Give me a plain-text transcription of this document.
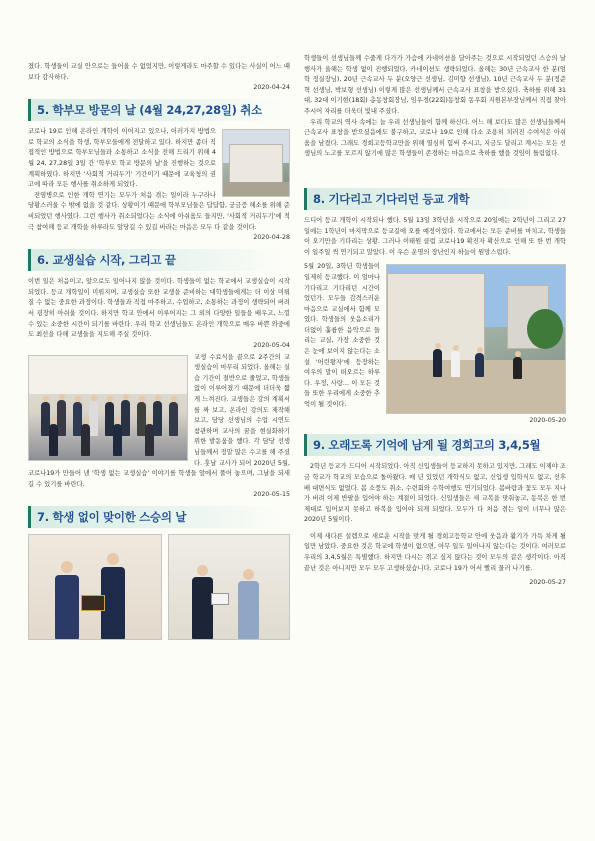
졌다. 학생들이 교실 안으로는 들어올 수 없었지만, 이렇게라도 마주할 수 있다는 사실이 어느 때 보다 감사하다.

2020-04-24

5. 학부모 방문의 날 (4월 24,27,28일) 취소

코로나 19로 인해 온라인 개학이 이어지고 있으나, 이러가지 방법으로 학교의 소식을 학생, 학부모들에게 전달하고 있다. 하지만 좀더 직접적인 방법으로 학부모님들과 소통하고 소식을 전해 드리기 위해 4월 24, 27,28일 3일 간 '학부모 학교 방문의 날'을 진행하는 것으로 계획하였다. 하지만 '사회적 거리두기' 기간이기 때문에 교육청의 권고에 따라 모든 행사를 취소하게 되었다.

전염병으로 인한 개학 연기는 모두가 처음 겪는 일이라 누구라나 당황스러울 수 밖에 없을 것 같다. 상황이기 때문에 학부모님들은 답답함, 궁금증 해소를 위해 준비되었던 행사였다. 그런 행사가 취소되었다는 소식에 아쉬움도 들지만, '사회적 거리두기'에 적극 참여해 등교 개학을 하루라도 앞당길 수 있길 바라는 마음은 모두 다 같을 것이다.

2020-04-28

6. 교생실습 시작, 그리고 끝

이번 일은 처음이고, 앞으로도 일어나지 않을 것이다. 학생들이 없는 학교에서 교생실습이 시작되었다. 등교 개학일이 미뤄지며, 교생실습 또한 교생을 준비하는 대학생들에게는 더 이상 미뤄질 수 없는 중요한 과정이다. 학생들과 직접 마주하고, 수업하고, 소통하는 과정이 생략되어 버려서 굉장히 아쉬울 것이다. 하지만 학교 안에서 이루어지는 그 외의 다양한 일들을 배우고, 느낄 수 있는 소중한 시간이 되기를 바란다. 우리 학교 선생님들도 온라인 개학으로 매우 바쁜 와중에도 최선을 다해 교생들을 지도해 주실 것이다.

2020-05-04

교생 수료식을 끝으로 2주간의 교생실습이 마무리 되었다. 올해는 실습 기간이 절반으로 줄었고, 학생들 없이 이루어졌기 때문에 더더욱 짧게 느껴진다. 교생들은 강의 계획서를 짜 보고, 온라인 강의도 제작해 보고, 담당 선생님의 수업 시연도 참관하며 교사의 꿈을 현실화하기 위한 발돋움을 했다. 각 담당 선생님들께서 정말 많은 수고를 해 주셨다. 훗날 교사가 되어 2020년 5월, 코로나19가 만들어 낸 '학생 없는 교생실습' 이야기를 학생들 앞에서 풀어 놓으며, 그날을 되새길 수 있기를 바란다.

2020-05-15

7. 학생 없이 맞이한 스승의 날

학생들이 선생님들께 수줍게 다가가 가슴에 카네이션을 달아주는 것으로 시작되었던 스승의 날 행사가 올해는 학생 없이 진행되었다. 카네이션도 생략되었다. 올해는 30년 근속교사 한 분(엄 학 정실장님), 20년 근속교사 두 분(오양근 선생님, 김미향 선생님), 10년 근속교사 두 분(정준혁 선생님, 박보형 선생님) 이렇게 많은 선생님께서 근속교사 표창을 받으셨다. 축하를 위해 31대, 32대 이기현(18회) 총동창회장님, 임우경(22회)동창회 동우회 지원본부장님께서 직접 찾아주시어 자리를 더욱더 빛내 주셨다.

우리 학교의 역사 속에는 늘 우리 선생님들이 함께 하신다. 어느 해 보다도 많은 선생님들께서 근속교사 표창을 받으셨음에도 불구하고, 코로나 19로 인해 다소 조용히 치러진 수여식은 아쉬움을 남겼다. 그래도 경희고등학교만을 위해 열심히 힘써 주시고, 지금도 달리고 계시는 모든 선생님의 노고를 모르지 않기에 많은 학생들이 존경하는 마음으로 축하를 했을 것임이 틀림없다.

8. 기다리고 기다리던 등교 개학

드디어 등교 개학이 시작되나 했다. 5월 13일 3학년을 시작으로 20일에는 2학년이 그리고 27일에는 1학년이 마지막으로 등교길에 오를 예정이었다. 학교에서는 모든 준비를 마치고, 학생들이 오기만을 기다리는 상황. 그러나 이태원 클럽 코로나19 확진자 확산으로 인해 또 한 번 개학이 일주일 씩 연기되고 말았다. 이 우슨 운명의 장난인지 하늘이 원망스럽다.

5월 20일, 3학년 학생들이 일제히 등교했다. 이 얼마나 기다리고 기다리던 시간이었던가. 모두들 감격스러운 마음으로 교실에서 함께 모였다. 학생들의 웃음소리가 더없이 훌륭한 음악으로 들리는 교실, 가장 소중한 것은 눈에 보이지 않는다는 소설 '어린왕자'에 등장하는 여우의 말이 떠오르는 하루다. 우정, 사랑… 이 모든 것들 또한 우리에게 소중한 추억이 될 것이다.

2020-05-20

9. 오래도록 기억에 남게 될 경희고의 3,4,5월

2학년 등교가 드디어 시작되었다. 아직 신입생들이 등교하지 못하고 있지만, 그래도 이제야 조금 학교가 학교의 모습으로 돌아왔다. 매 년 있었던 개학식도 없고, 신입생 입학식도 없고, 선후배 대면식도 없었다. 봄 소풍도 취소, 수련회와 수학여행도 연기되었다. 봄바람과 꽃도 모두 지나가 버려 이제 반팔을 입어야 하는 계절이 되었다. 신입생들은 새 교복을 맞춰놓고, 동복은 한 번 제대로 입어보지 못하고 하복을 입어야 되게 되었다. 모두가 다 처음 겪는 일이 너무나 많은 2020년 5월이다.

이제 새다른 설렘으로 새로운 시작을 맞게 될 경희고등학교 안에 웃음과 활기가 가득 차게 될 일만 남았다. 중요한 것은 학교에 학생이 없으면, 아무 일도 일어나지 않는다는 것이다. 여러모로 우리의 3,4,5월은 특별했다. 하지만 다시는 겪고 싶지 않다는 것이 모두의 같은 생각이다. 아직 끝난 것은 아니지만 모두 모두 고생하셨습니다. 코로나 19가 어서 빨리 물러 나기를.

2020-05-27
